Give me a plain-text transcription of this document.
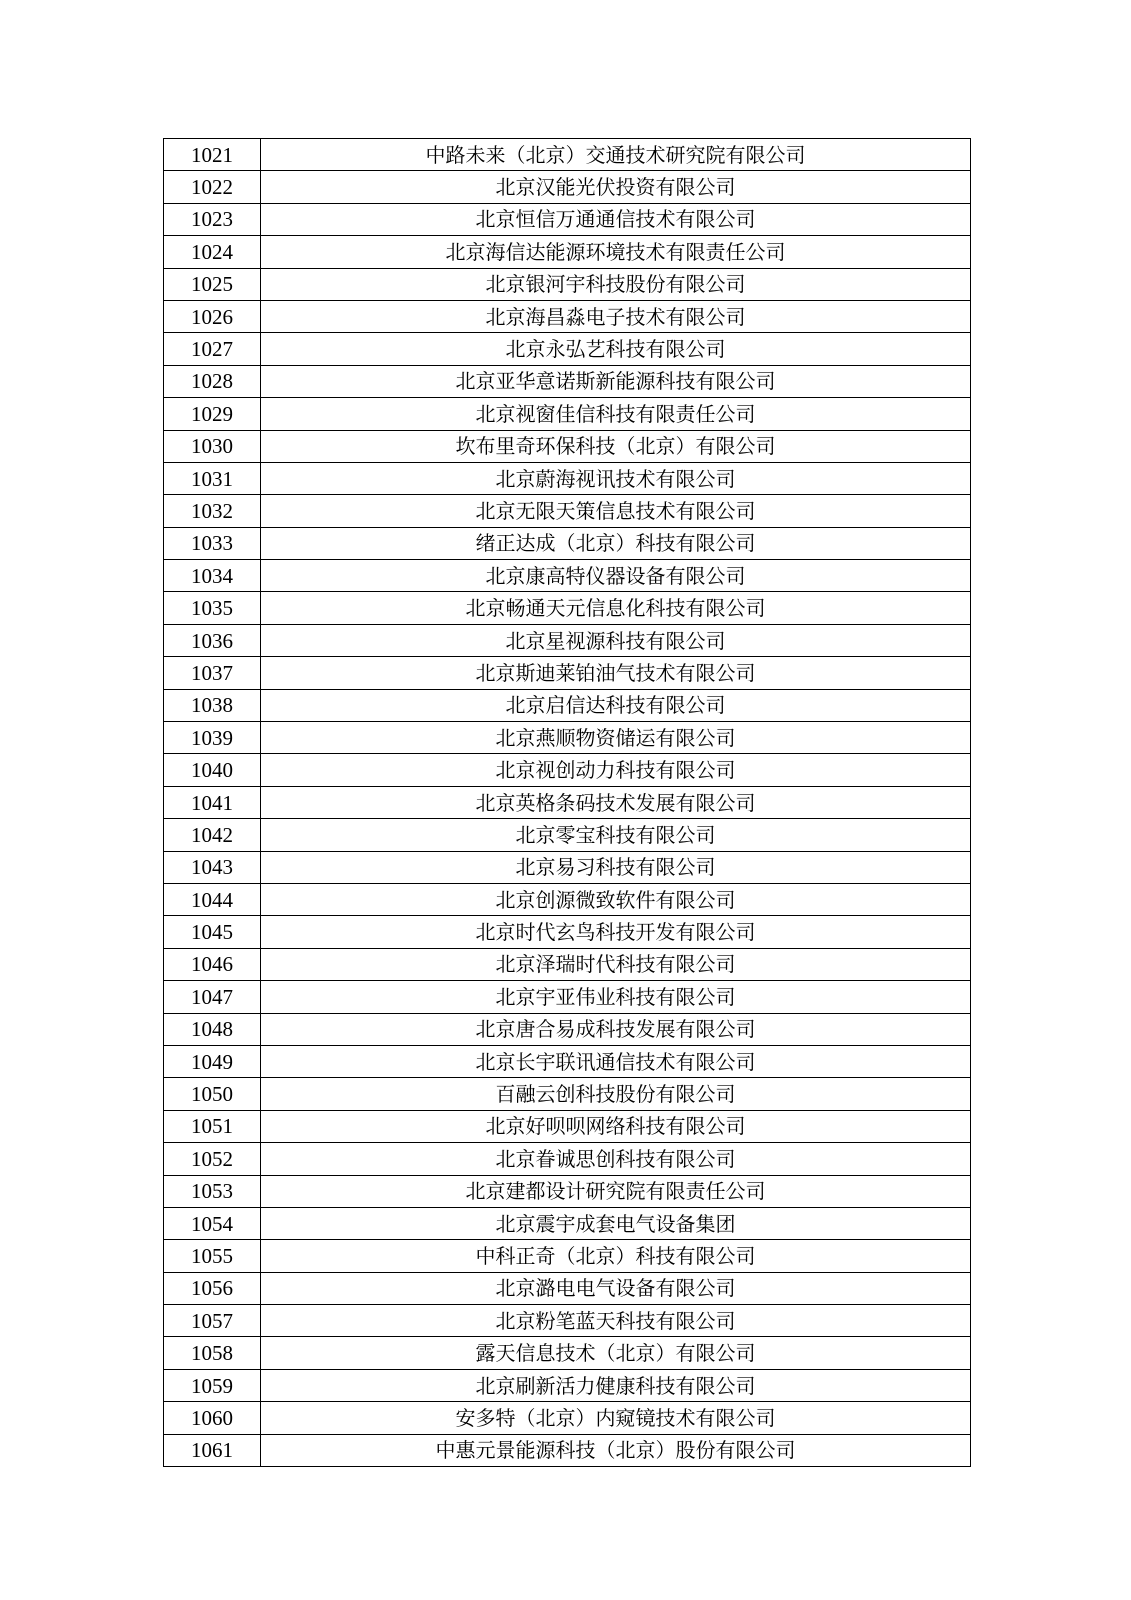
1021	中路未来（北京）交通技术研究院有限公司
1022	北京汉能光伏投资有限公司
1023	北京恒信万通通信技术有限公司
1024	北京海信达能源环境技术有限责任公司
1025	北京银河宇科技股份有限公司
1026	北京海昌淼电子技术有限公司
1027	北京永弘艺科技有限公司
1028	北京亚华意诺斯新能源科技有限公司
1029	北京视窗佳信科技有限责任公司
1030	坎布里奇环保科技（北京）有限公司
1031	北京蔚海视讯技术有限公司
1032	北京无限天策信息技术有限公司
1033	绪正达成（北京）科技有限公司
1034	北京康高特仪器设备有限公司
1035	北京畅通天元信息化科技有限公司
1036	北京星视源科技有限公司
1037	北京斯迪莱铂油气技术有限公司
1038	北京启信达科技有限公司
1039	北京燕顺物资储运有限公司
1040	北京视创动力科技有限公司
1041	北京英格条码技术发展有限公司
1042	北京零宝科技有限公司
1043	北京易习科技有限公司
1044	北京创源微致软件有限公司
1045	北京时代玄鸟科技开发有限公司
1046	北京泽瑞时代科技有限公司
1047	北京宇亚伟业科技有限公司
1048	北京唐合易成科技发展有限公司
1049	北京长宇联讯通信技术有限公司
1050	百融云创科技股份有限公司
1051	北京好呗呗网络科技有限公司
1052	北京眷诚思创科技有限公司
1053	北京建都设计研究院有限责任公司
1054	北京震宇成套电气设备集团
1055	中科正奇（北京）科技有限公司
1056	北京潞电电气设备有限公司
1057	北京粉笔蓝天科技有限公司
1058	露天信息技术（北京）有限公司
1059	北京刷新活力健康科技有限公司
1060	安多特（北京）内窥镜技术有限公司
1061	中惠元景能源科技（北京）股份有限公司
